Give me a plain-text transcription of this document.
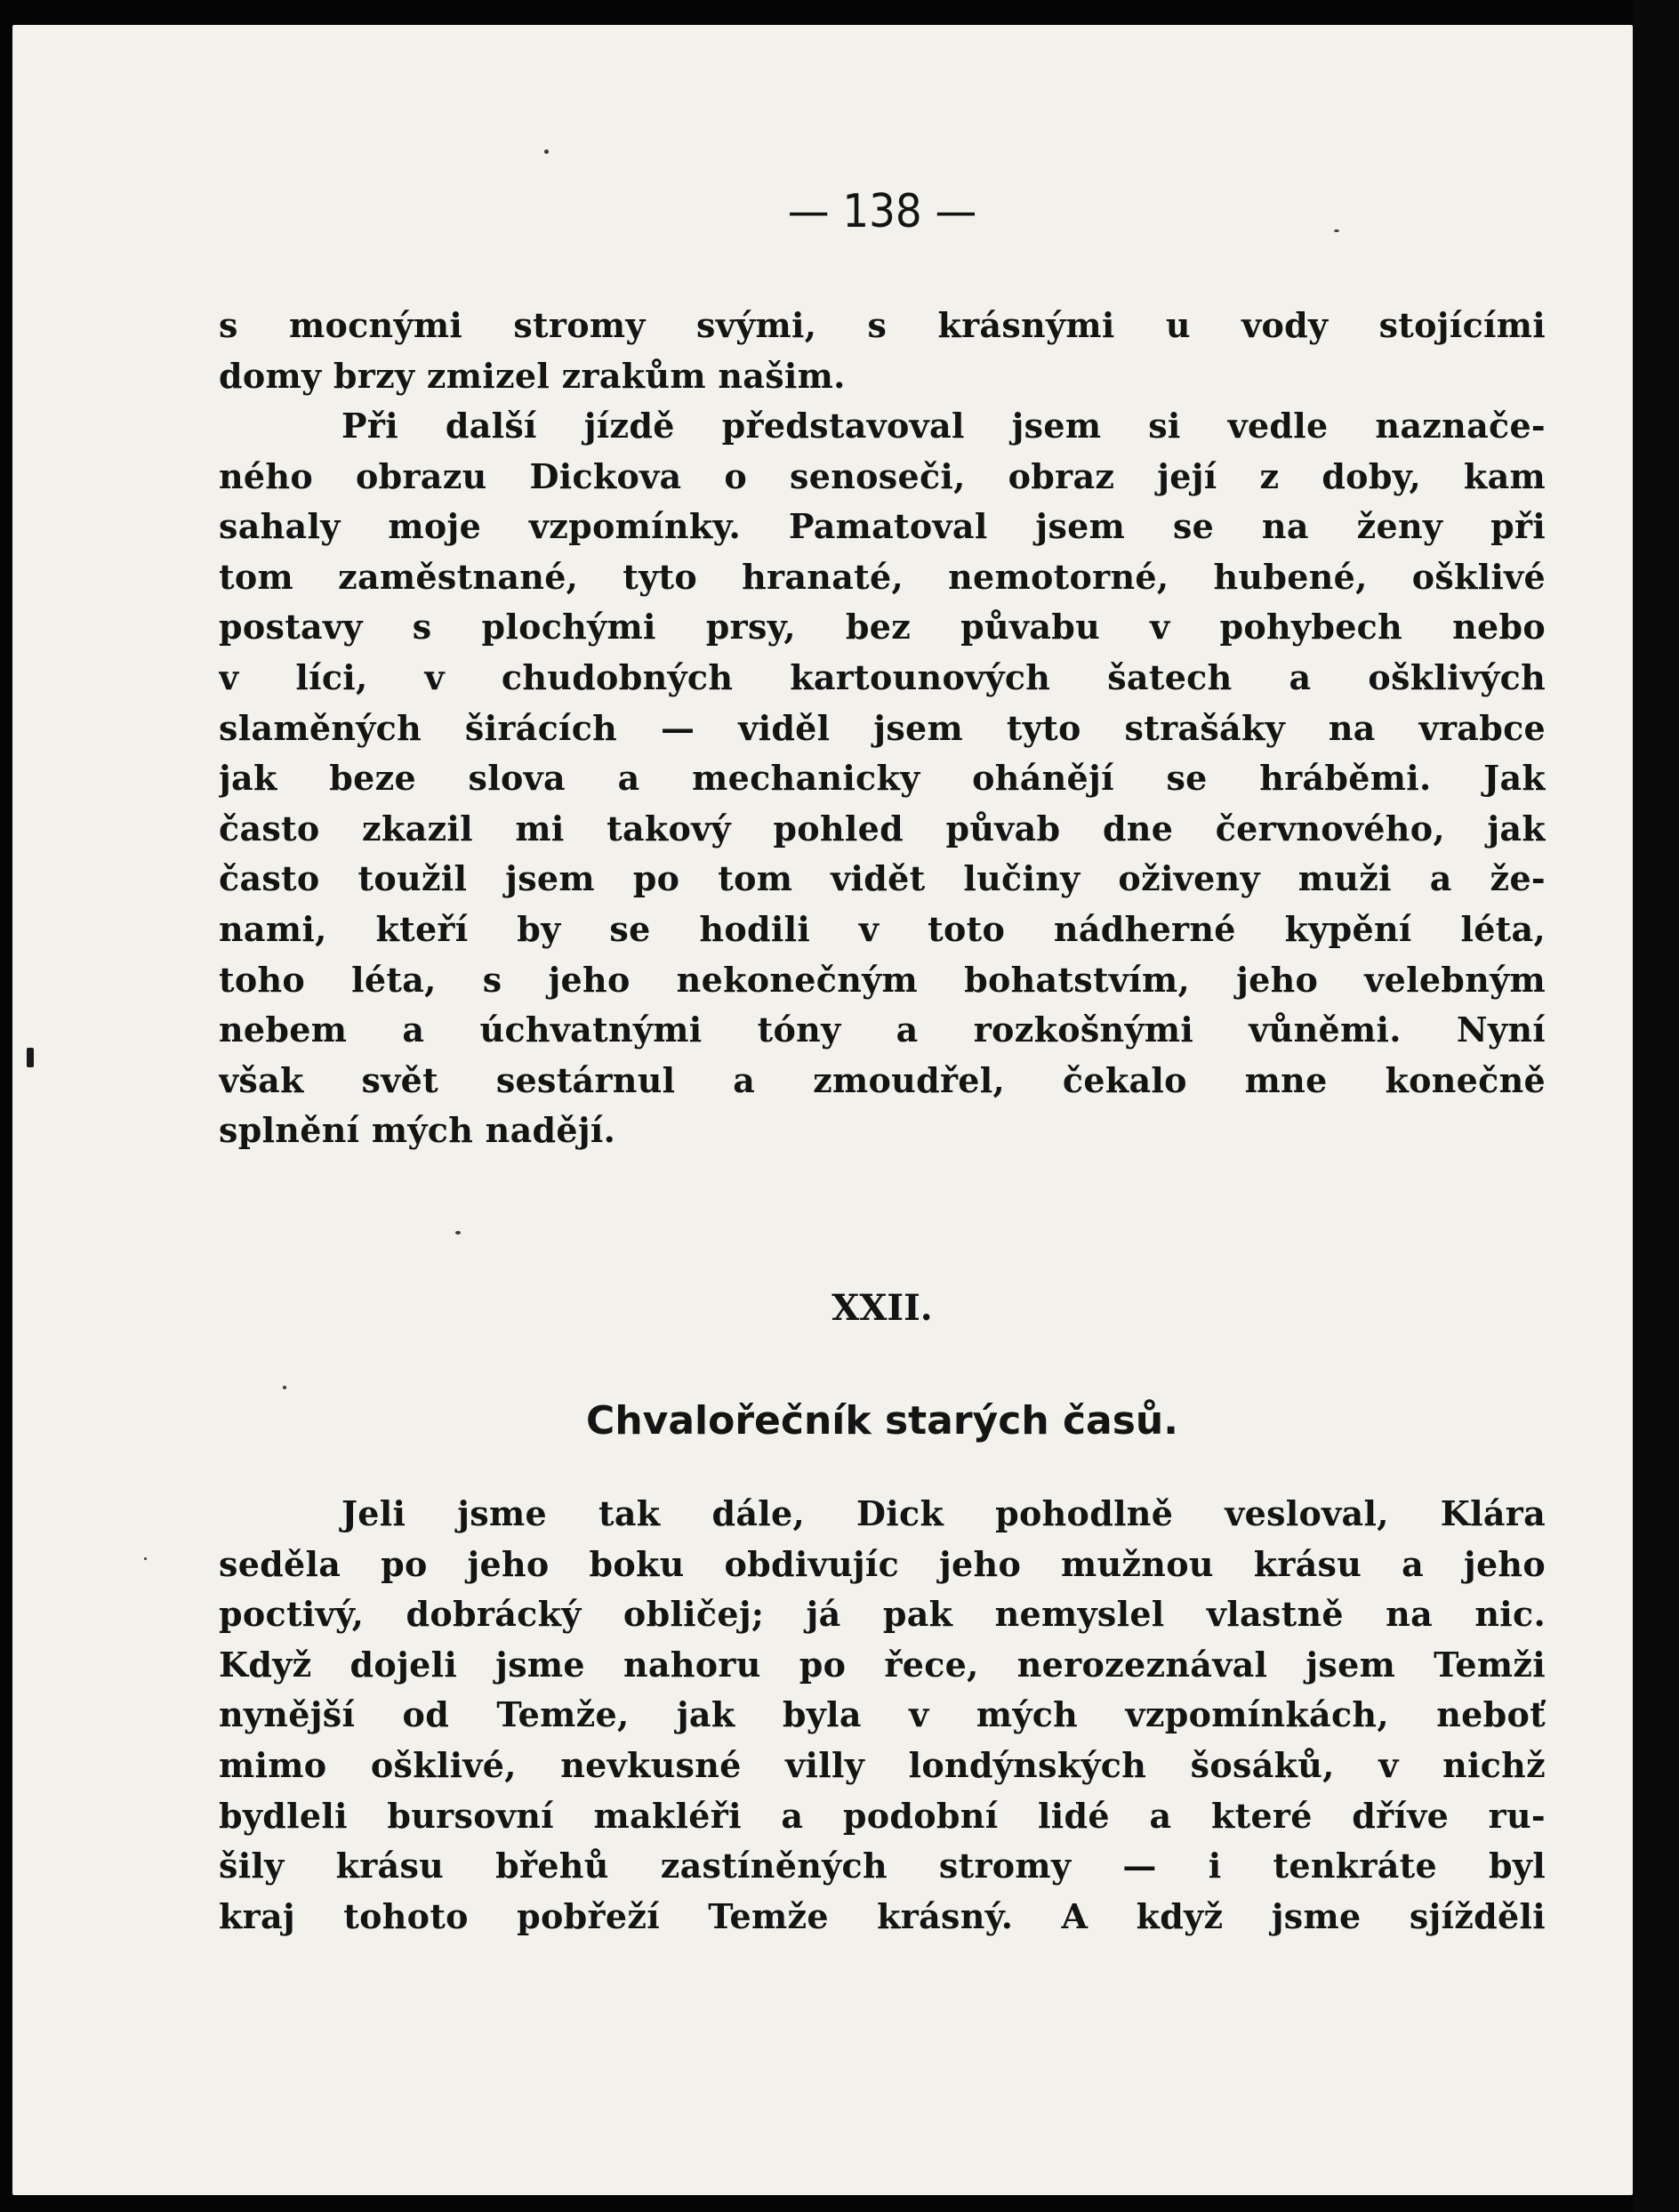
— 138 —
s mocnými stromy svými, s krásnými u vody stojícími
domy brzy zmizel zrakům našim.
Při další jízdě představoval jsem si vedle naznače-
ného obrazu Dickova o senoseči, obraz její z doby, kam
sahaly moje vzpomínky. Pamatoval jsem se na ženy při
tom zaměstnané, tyto hranaté, nemotorné, hubené, ošklivé
postavy s plochými prsy, bez půvabu v pohybech nebo
v líci, v chudobných kartounových šatech a ošklivých
slaměných širácích — viděl jsem tyto strašáky na vrabce
jak beze slova a mechanicky ohánějí se hráběmi. Jak
často zkazil mi takový pohled půvab dne červnového, jak
často toužil jsem po tom vidět lučiny oživeny muži a že-
nami, kteří by se hodili v toto nádherné kypění léta,
toho léta, s jeho nekonečným bohatstvím, jeho velebným
nebem a úchvatnými tóny a rozkošnými vůněmi. Nyní
však svět sestárnul a zmoudřel, čekalo mne konečně
splnění mých nadějí.
XXII.
Chvalořečník starých časů.
Jeli jsme tak dále, Dick pohodlně vesloval, Klára
seděla po jeho boku obdivujíc jeho mužnou krásu a jeho
poctivý, dobrácký obličej; já pak nemyslel vlastně na nic.
Když dojeli jsme nahoru po řece, nerozeznával jsem Temži
nynější od Temže, jak byla v mých vzpomínkách, neboť
mimo ošklivé, nevkusné villy londýnských šosáků, v nichž
bydleli bursovní makléři a podobní lidé a které dříve ru-
šily krásu břehů zastíněných stromy — i tenkráte byl
kraj tohoto pobřeží Temže krásný. A když jsme sjížděli
